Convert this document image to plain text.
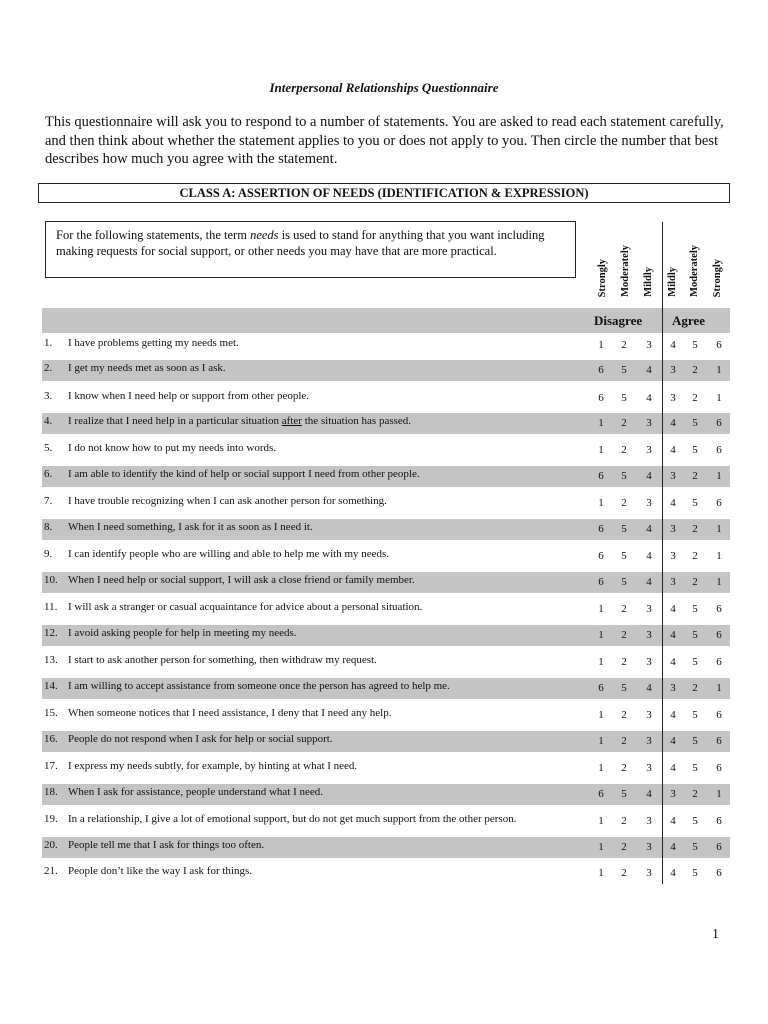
Interpersonal Relationships Questionnaire
This questionnaire will ask you to respond to a number of statements. You are asked to read each statement carefully, and then think about whether the statement applies to you or does not apply to you. Then circle the number that best describes how much you agree with the statement.
CLASS A: ASSERTION OF NEEDS (IDENTIFICATION & EXPRESSION)
For the following statements, the term needs is used to stand for anything that you want including making requests for social support, or other needs you may have that are more practical.
Strongly Moderately Mildly Mildly Moderately Strongly
Disagree Agree
1. I have problems getting my needs met.	1	2	3	4	5	6
2. I get my needs met as soon as I ask.	6	5	4	3	2	1
3. I know when I need help or support from other people.	6	5	4	3	2	1
4. I realize that I need help in a particular situation after the situation has passed.	1	2	3	4	5	6
5. I do not know how to put my needs into words.	1	2	3	4	5	6
6. I am able to identify the kind of help or social support I need from other people.	6	5	4	3	2	1
7. I have trouble recognizing when I can ask another person for something.	1	2	3	4	5	6
8. When I need something, I ask for it as soon as I need it.	6	5	4	3	2	1
9. I can identify people who are willing and able to help me with my needs.	6	5	4	3	2	1
10. When I need help or social support, I will ask a close friend or family member.	6	5	4	3	2	1
11. I will ask a stranger or casual acquaintance for advice about a personal situation.	1	2	3	4	5	6
12. I avoid asking people for help in meeting my needs.	1	2	3	4	5	6
13. I start to ask another person for something, then withdraw my request.	1	2	3	4	5	6
14. I am willing to accept assistance from someone once the person has agreed to help me.	6	5	4	3	2	1
15. When someone notices that I need assistance, I deny that I need any help.	1	2	3	4	5	6
16. People do not respond when I ask for help or social support.	1	2	3	4	5	6
17. I express my needs subtly, for example, by hinting at what I need.	1	2	3	4	5	6
18. When I ask for assistance, people understand what I need.	6	5	4	3	2	1
19. In a relationship, I give a lot of emotional support, but do not get much support from the other person.	1	2	3	4	5	6
20. People tell me that I ask for things too often.	1	2	3	4	5	6
21. People don’t like the way I ask for things.	1	2	3	4	5	6
1
